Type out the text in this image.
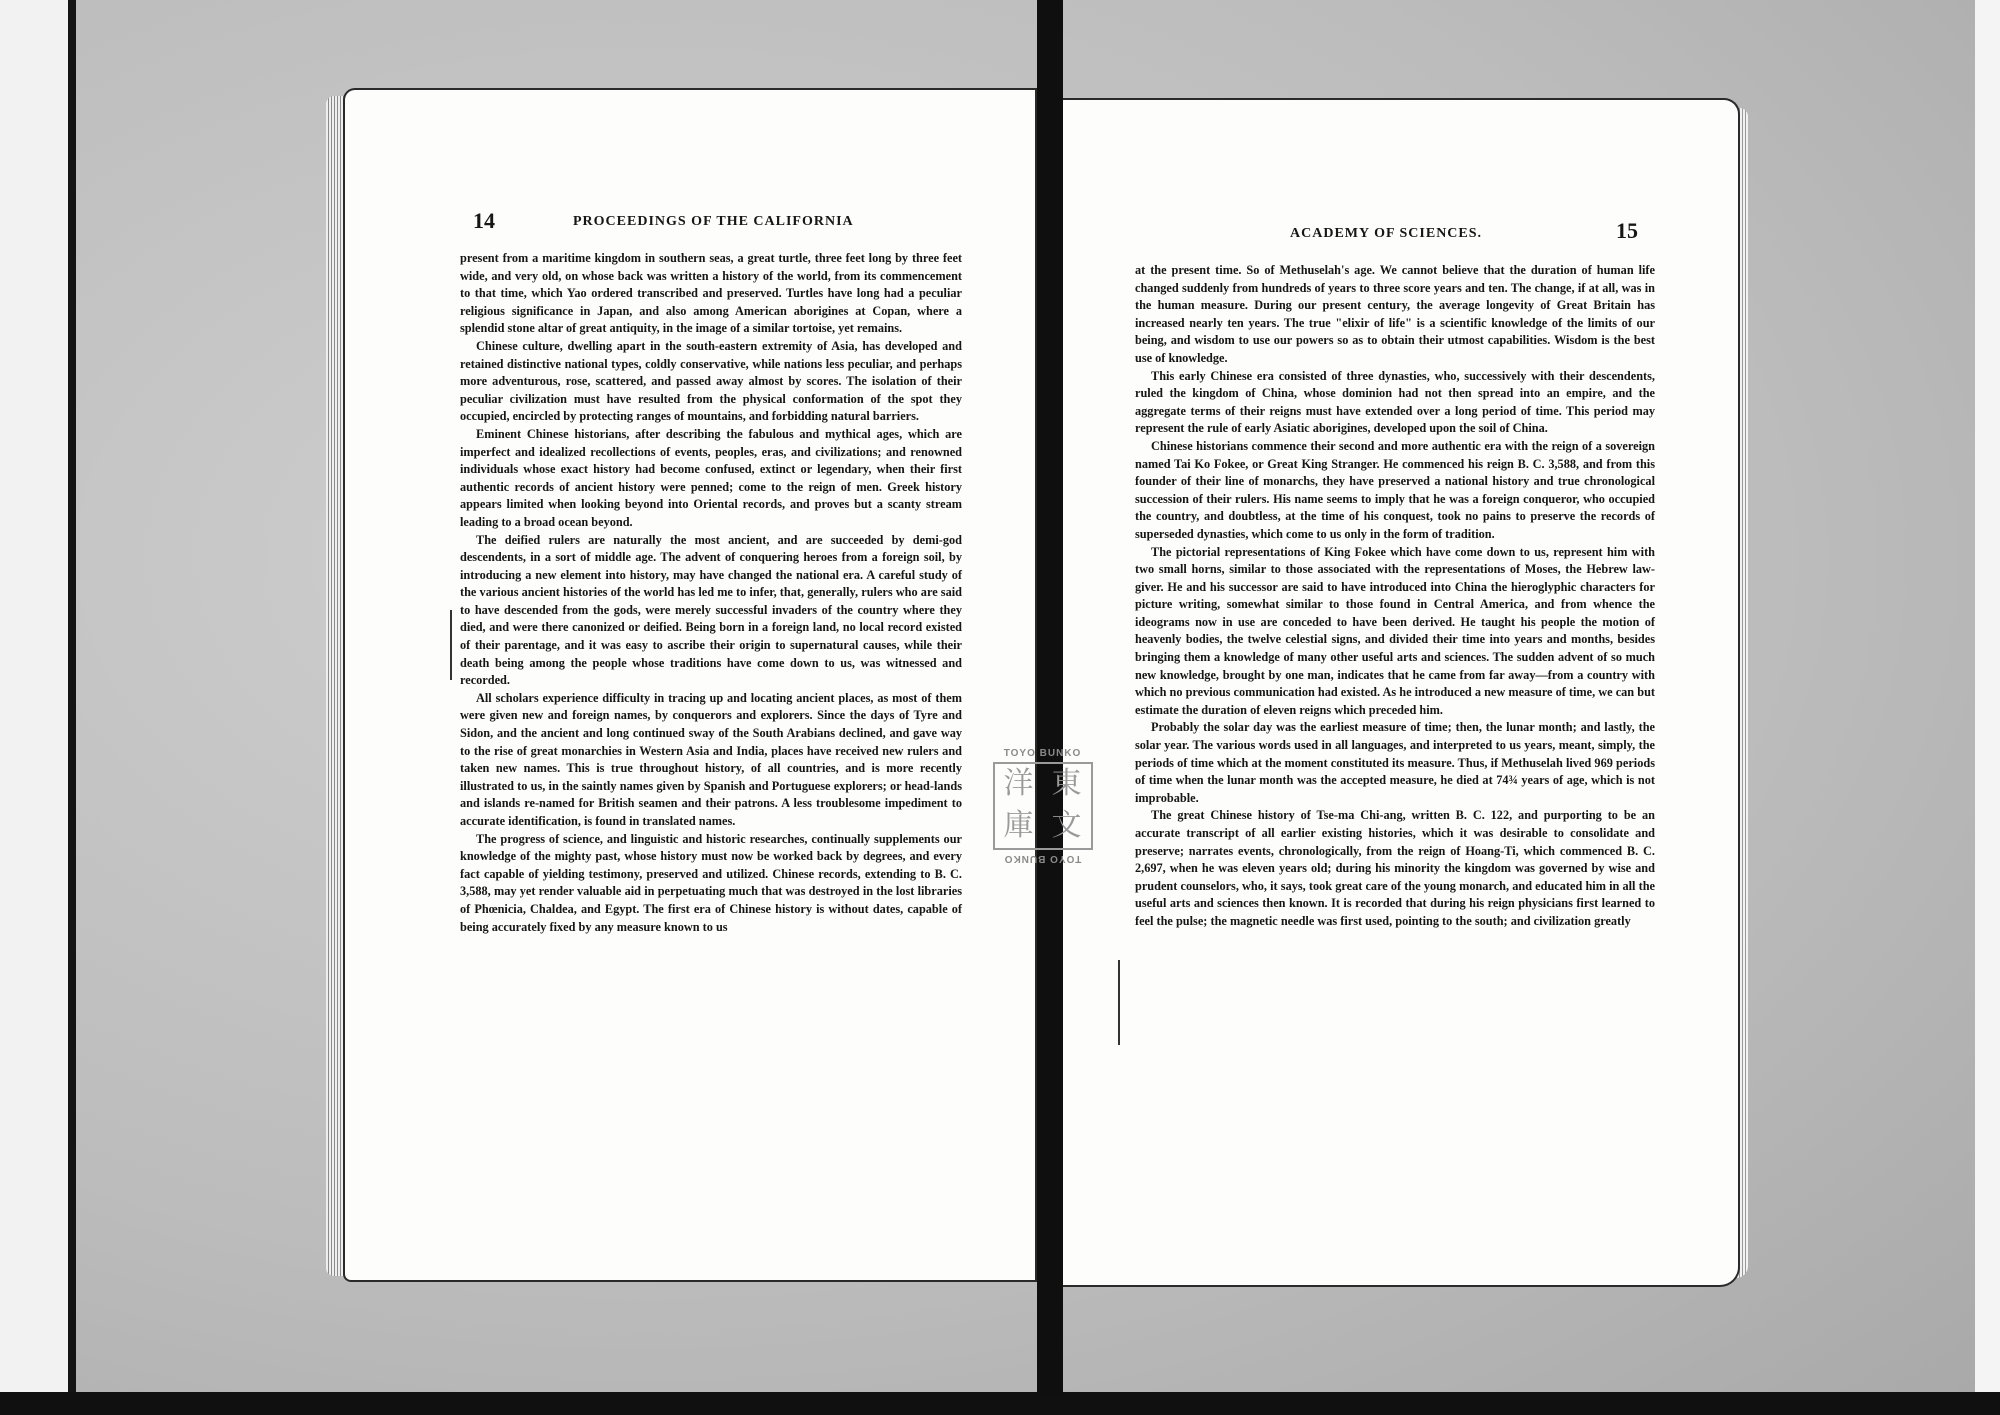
14	PROCEEDINGS OF THE CALIFORNIA

present from a maritime kingdom in southern seas, a great turtle, three feet long by three feet wide, and very old, on whose back was written a history of the world, from its commencement to that time, which Yao ordered transcribed and preserved. Turtles have long had a peculiar religious significance in Japan, and also among American aborigines at Copan, where a splendid stone altar of great antiquity, in the image of a similar tortoise, yet remains.

Chinese culture, dwelling apart in the south-eastern extremity of Asia, has developed and retained distinctive national types, coldly conservative, while nations less peculiar, and perhaps more adventurous, rose, scattered, and passed away almost by scores. The isolation of their peculiar civilization must have resulted from the physical conformation of the spot they occupied, encircled by protecting ranges of mountains, and forbidding natural barriers.

Eminent Chinese historians, after describing the fabulous and mythical ages, which are imperfect and idealized recollections of events, peoples, eras, and civilizations; and renowned individuals whose exact history had become confused, extinct or legendary, when their first authentic records of ancient history were penned; come to the reign of men. Greek history appears limited when looking beyond into Oriental records, and proves but a scanty stream leading to a broad ocean beyond.

The deified rulers are naturally the most ancient, and are succeeded by demi-god descendents, in a sort of middle age. The advent of conquering heroes from a foreign soil, by introducing a new element into history, may have changed the national era. A careful study of the various ancient histories of the world has led me to infer, that, generally, rulers who are said to have descended from the gods, were merely successful invaders of the country where they died, and were there canonized or deified. Being born in a foreign land, no local record existed of their parentage, and it was easy to ascribe their origin to supernatural causes, while their death being among the people whose traditions have come down to us, was witnessed and recorded.

All scholars experience difficulty in tracing up and locating ancient places, as most of them were given new and foreign names, by conquerors and explorers. Since the days of Tyre and Sidon, and the ancient and long continued sway of the South Arabians declined, and gave way to the rise of great monarchies in Western Asia and India, places have received new rulers and taken new names. This is true throughout history, of all countries, and is more recently illustrated to us, in the saintly names given by Spanish and Portuguese explorers; or head-lands and islands re-named for British seamen and their patrons. A less troublesome impediment to accurate identification, is found in translated names.

The progress of science, and linguistic and historic researches, continually supplements our knowledge of the mighty past, whose history must now be worked back by degrees, and every fact capable of yielding testimony, preserved and utilized. Chinese records, extending to B. C. 3,588, may yet render valuable aid in perpetuating much that was destroyed in the lost libraries of Phœnicia, Chaldea, and Egypt. The first era of Chinese history is without dates, capable of being accurately fixed by any measure known to us

ACADEMY OF SCIENCES.	15

at the present time. So of Methuselah's age. We cannot believe that the duration of human life changed suddenly from hundreds of years to three score years and ten. The change, if at all, was in the human measure. During our present century, the average longevity of Great Britain has increased nearly ten years. The true "elixir of life" is a scientific knowledge of the limits of our being, and wisdom to use our powers so as to obtain their utmost capabilities. Wisdom is the best use of knowledge.

This early Chinese era consisted of three dynasties, who, successively with their descendents, ruled the kingdom of China, whose dominion had not then spread into an empire, and the aggregate terms of their reigns must have extended over a long period of time. This period may represent the rule of early Asiatic aborigines, developed upon the soil of China.

Chinese historians commence their second and more authentic era with the reign of a sovereign named Tai Ko Fokee, or Great King Stranger. He commenced his reign B. C. 3,588, and from this founder of their line of monarchs, they have preserved a national history and true chronological succession of their rulers. His name seems to imply that he was a foreign conqueror, who occupied the country, and doubtless, at the time of his conquest, took no pains to preserve the records of superseded dynasties, which come to us only in the form of tradition.

The pictorial representations of King Fokee which have come down to us, represent him with two small horns, similar to those associated with the representations of Moses, the Hebrew law-giver. He and his successor are said to have introduced into China the hieroglyphic characters for picture writing, somewhat similar to those found in Central America, and from whence the ideograms now in use are conceded to have been derived. He taught his people the motion of heavenly bodies, the twelve celestial signs, and divided their time into years and months, besides bringing them a knowledge of many other useful arts and sciences. The sudden advent of so much new knowledge, brought by one man, indicates that he came from far away—from a country with which no previous communication had existed. As he introduced a new measure of time, we can but estimate the duration of eleven reigns which preceded him.

Probably the solar day was the earliest measure of time; then, the lunar month; and lastly, the solar year. The various words used in all languages, and interpreted to us years, meant, simply, the periods of time which at the moment constituted its measure. Thus, if Methuselah lived 969 periods of time when the lunar month was the accepted measure, he died at 74¾ years of age, which is not improbable.

The great Chinese history of Tse-ma Chi-ang, written B. C. 122, and purporting to be an accurate transcript of all earlier existing histories, which it was desirable to consolidate and preserve; narrates events, chronologically, from the reign of Hoang-Ti, which commenced B. C. 2,697, when he was eleven years old; during his minority the kingdom was governed by wise and prudent counselors, who, it says, took great care of the young monarch, and educated him in all the useful arts and sciences then known. It is recorded that during his reign physicians first learned to feel the pulse; the magnetic needle was first used, pointing to the south; and civilization greatly

TOYO BUNKO
洋 東
庫 文
TOYO BUNKO
